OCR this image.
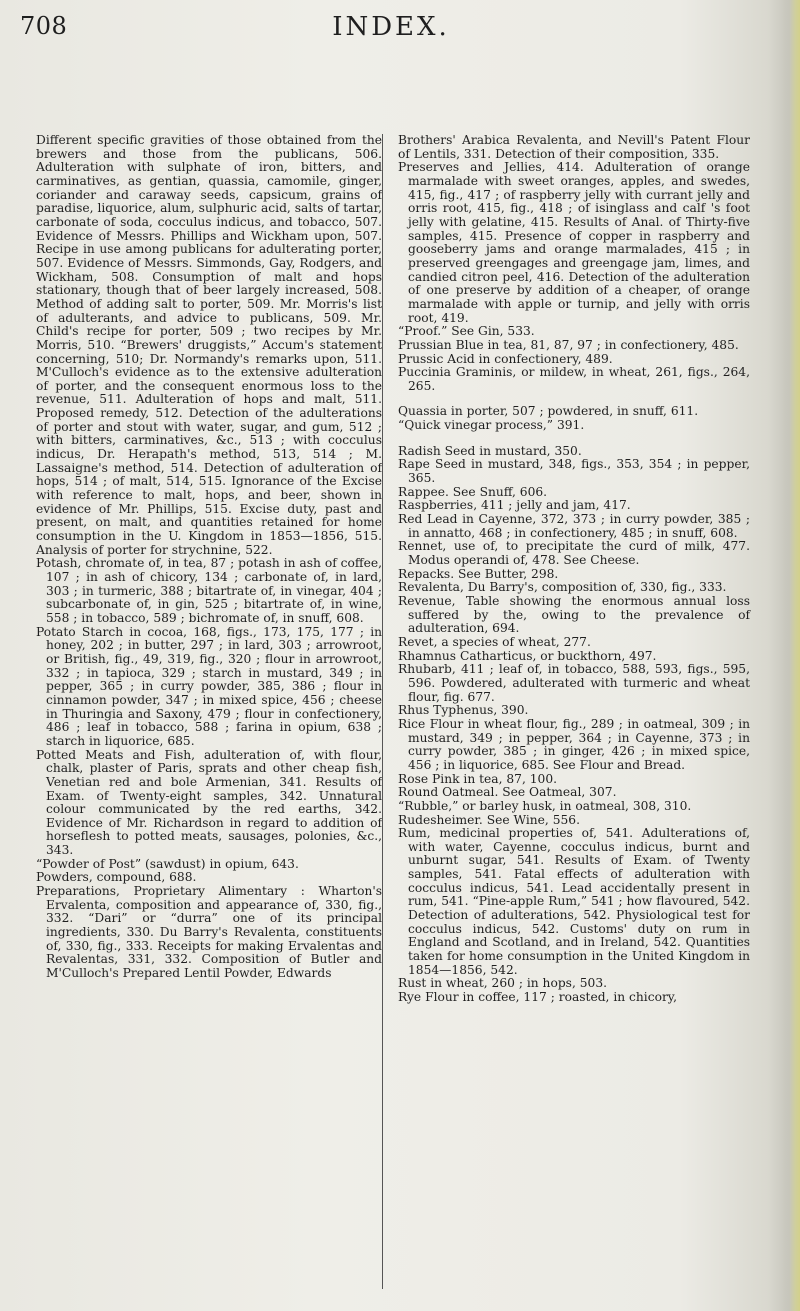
708	INDEX.

Different specific gravities of those obtained from the brewers and those from the publicans, 506. Adulteration with sulphate of iron, bitters, and carminatives, as gentian, quassia, camomile, ginger, coriander and caraway seeds, capsicum, grains of paradise, liquorice, alum, sulphuric acid, salts of tartar, carbonate of soda, cocculus indicus, and tobacco, 507. Evidence of Messrs. Phillips and Wickham upon, 507. Recipe in use among publicans for adulterating porter, 507. Evidence of Messrs. Simmonds, Gay, Rodgers, and Wickham, 508. Consumption of malt and hops stationary, though that of beer largely increased, 508. Method of adding salt to porter, 509. Mr. Morris's list of adulterants, and advice to publicans, 509. Mr. Child's recipe for porter, 509 ; two recipes by Mr. Morris, 510. “Brewers' druggists,” Accum's statement concerning, 510; Dr. Normandy's remarks upon, 511. M'Culloch's evidence as to the extensive adulteration of porter, and the consequent enormous loss to the revenue, 511. Adulteration of hops and malt, 511. Proposed remedy, 512. Detection of the adulterations of porter and stout with water, sugar, and gum, 512 ; with bitters, carminatives, &c., 513 ; with cocculus indicus, Dr. Herapath's method, 513, 514 ; M. Lassaigne's method, 514. Detection of adulteration of hops, 514 ; of malt, 514, 515. Ignorance of the Excise with reference to malt, hops, and beer, shown in evidence of Mr. Phillips, 515. Excise duty, past and present, on malt, and quantities retained for home consumption in the U. Kingdom in 1853—1856, 515. Analysis of porter for strychnine, 522.

Potash, chromate of, in tea, 87 ; potash in ash of coffee, 107 ; in ash of chicory, 134 ; carbonate of, in lard, 303 ; in turmeric, 388 ; bitartrate of, in vinegar, 404 ; subcarbonate of, in gin, 525 ; bitartrate of, in wine, 558 ; in tobacco, 589 ; bichromate of, in snuff, 608.

Potato Starch in cocoa, 168, figs., 173, 175, 177 ; in honey, 202 ; in butter, 297 ; in lard, 303 ; arrowroot, or British, fig., 49, 319, fig., 320 ; flour in arrowroot, 332 ; in tapioca, 329 ; starch in mustard, 349 ; in pepper, 365 ; in curry powder, 385, 386 ; flour in cinnamon powder, 347 ; in mixed spice, 456 ; cheese in Thuringia and Saxony, 479 ; flour in confectionery, 486 ; leaf in tobacco, 588 ; farina in opium, 638 ; starch in liquorice, 685.

Potted Meats and Fish, adulteration of, with flour, chalk, plaster of Paris, sprats and other cheap fish, Venetian red and bole Armenian, 341. Results of Exam. of Twenty-eight samples, 342. Unnatural colour communicated by the red earths, 342. Evidence of Mr. Richardson in regard to addition of horseflesh to potted meats, sausages, polonies, &c., 343.

“Powder of Post” (sawdust) in opium, 643.

Powders, compound, 688.

Preparations, Proprietary Alimentary : Wharton's Ervalenta, composition and appearance of, 330, fig., 332. “Dari” or “durra” one of its principal ingredients, 330. Du Barry's Revalenta, constituents of, 330, fig., 333. Receipts for making Ervalentas and Revalentas, 331, 332. Composition of Butler and M'Culloch's Prepared Lentil Powder, Edwards

Brothers' Arabica Revalenta, and Nevill's Patent Flour of Lentils, 331. Detection of their composition, 335.

Preserves and Jellies, 414. Adulteration of orange marmalade with sweet oranges, apples, and swedes, 415, fig., 417 ; of raspberry jelly with currant jelly and orris root, 415, fig., 418 ; of isinglass and calf 's foot jelly with gelatine, 415. Results of Anal. of Thirty-five samples, 415. Presence of copper in raspberry and gooseberry jams and orange marmalades, 415 ; in preserved greengages and greengage jam, limes, and candied citron peel, 416. Detection of the adulteration of one preserve by addition of a cheaper, of orange marmalade with apple or turnip, and jelly with orris root, 419.

“Proof.” See Gin, 533.

Prussian Blue in tea, 81, 87, 97 ; in confectionery, 485.

Prussic Acid in confectionery, 489.

Puccinia Graminis, or mildew, in wheat, 261, figs., 264, 265.

Quassia in porter, 507 ; powdered, in snuff, 611.

“Quick vinegar process,” 391.

Radish Seed in mustard, 350.

Rape Seed in mustard, 348, figs., 353, 354 ; in pepper, 365.

Rappee. See Snuff, 606.

Raspberries, 411 ; jelly and jam, 417.

Red Lead in Cayenne, 372, 373 ; in curry powder, 385 ; in annatto, 468 ; in confectionery, 485 ; in snuff, 608.

Rennet, use of, to precipitate the curd of milk, 477. Modus operandi of, 478. See Cheese.

Repacks. See Butter, 298.

Revalenta, Du Barry's, composition of, 330, fig., 333.

Revenue, Table showing the enormous annual loss suffered by the, owing to the prevalence of adulteration, 694.

Revet, a species of wheat, 277.

Rhamnus Catharticus, or buckthorn, 497.

Rhubarb, 411 ; leaf of, in tobacco, 588, 593, figs., 595, 596. Powdered, adulterated with turmeric and wheat flour, fig. 677.

Rhus Typhenus, 390.

Rice Flour in wheat flour, fig., 289 ; in oatmeal, 309 ; in mustard, 349 ; in pepper, 364 ; in Cayenne, 373 ; in curry powder, 385 ; in ginger, 426 ; in mixed spice, 456 ; in liquorice, 685. See Flour and Bread.

Rose Pink in tea, 87, 100.

Round Oatmeal. See Oatmeal, 307.

“Rubble,” or barley husk, in oatmeal, 308, 310.

Rudesheimer. See Wine, 556.

Rum, medicinal properties of, 541. Adulterations of, with water, Cayenne, cocculus indicus, burnt and unburnt sugar, 541. Results of Exam. of Twenty samples, 541. Fatal effects of adulteration with cocculus indicus, 541. Lead accidentally present in rum, 541. “Pine-apple Rum,” 541 ; how flavoured, 542. Detection of adulterations, 542. Physiological test for cocculus indicus, 542. Customs' duty on rum in England and Scotland, and in Ireland, 542. Quantities taken for home consumption in the United Kingdom in 1854—1856, 542.

Rust in wheat, 260 ; in hops, 503.

Rye Flour in coffee, 117 ; roasted, in chicory,
